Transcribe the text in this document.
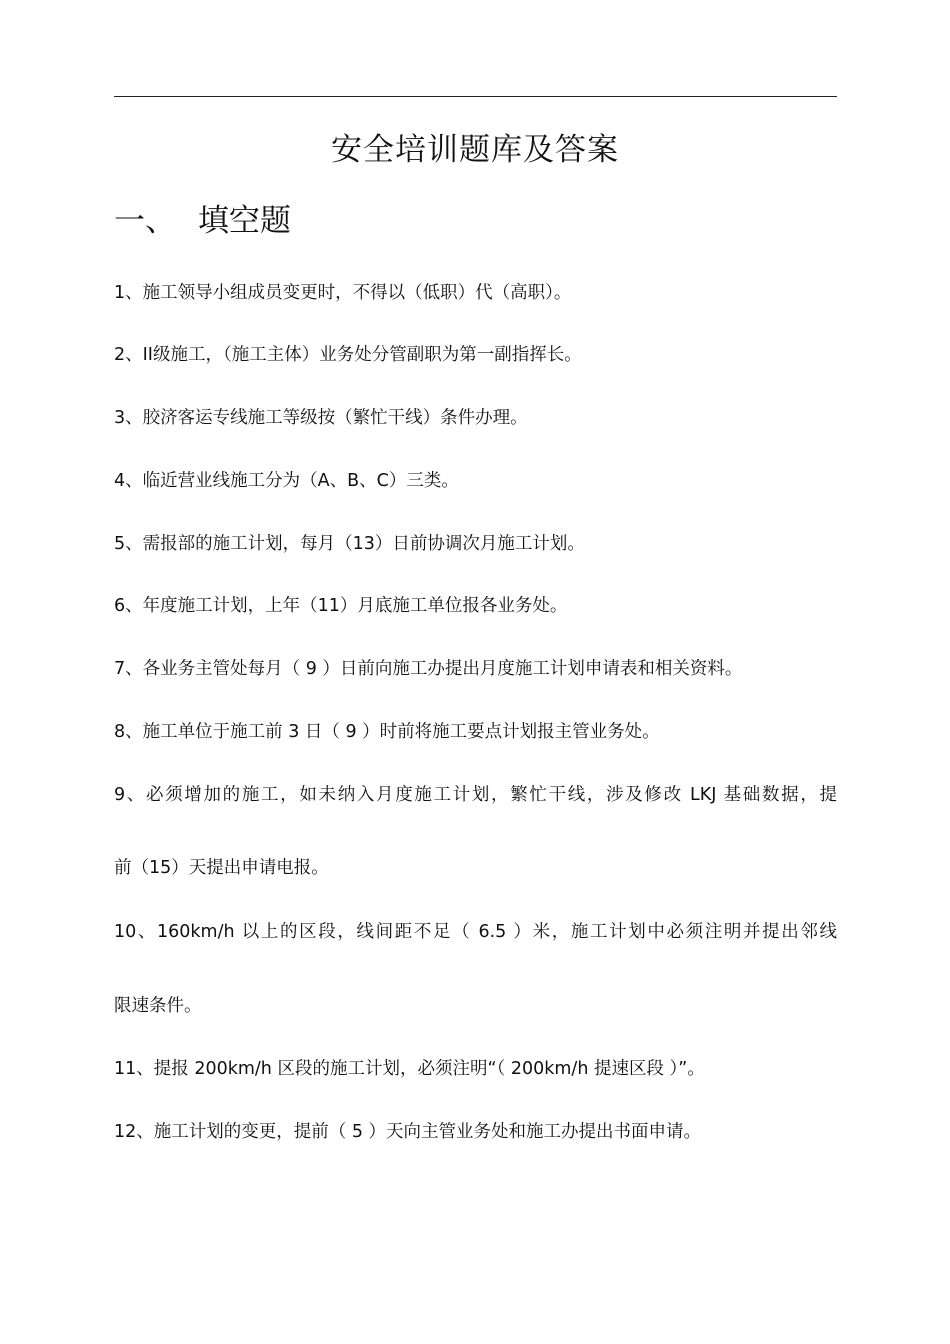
安全培训题库及答案
一、 填空题
1、施工领导小组成员变更时，不得以（低职）代（高职）。
2、II级施工，（施工主体）业务处分管副职为第一副指挥长。
3、胶济客运专线施工等级按（繁忙干线）条件办理。
4、临近营业线施工分为（A、B、C）三类。
5、需报部的施工计划，每月（13）日前协调次月施工计划。
6、年度施工计划，上年（11）月底施工单位报各业务处。
7、各业务主管处每月（ 9 ）日前向施工办提出月度施工计划申请表和相关资料。
8、施工单位于施工前 3 日（ 9 ）时前将施工要点计划报主管业务处。
9、必须增加的施工，如未纳入月度施工计划，繁忙干线，涉及修改 LKJ 基础数据，提
前（15）天提出申请电报。
10、160km/h 以上的区段，线间距不足（ 6.5 ）米，施工计划中必须注明并提出邻线
限速条件。
11、提报 200km/h 区段的施工计划，必须注明“（ 200km/h 提速区段 ）”。
12、施工计划的变更，提前（ 5 ）天向主管业务处和施工办提出书面申请。
